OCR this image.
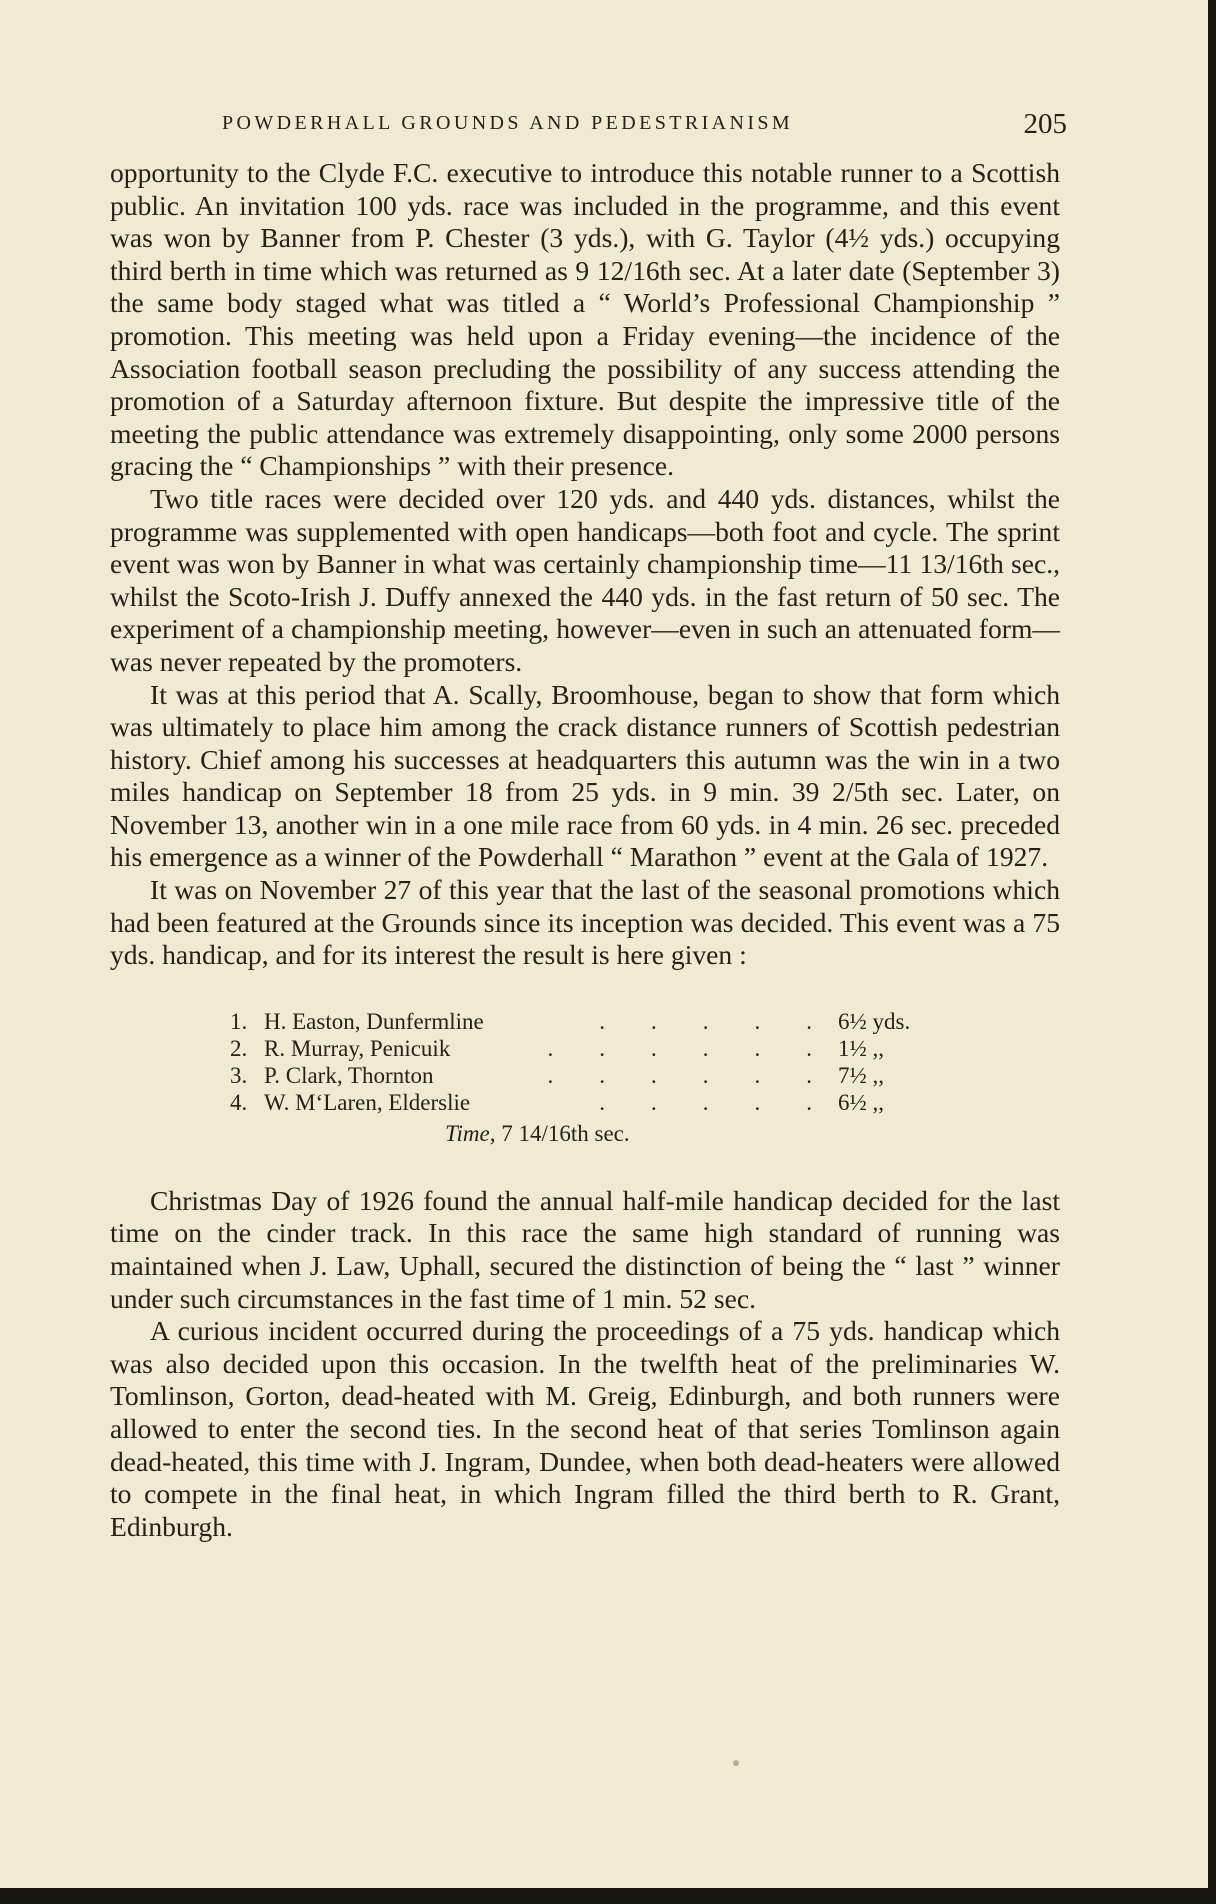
POWDERHALL GROUNDS AND PEDESTRIANISM	205

opportunity to the Clyde F.C. executive to introduce this notable runner to a Scottish public. An invitation 100 yds. race was included in the programme, and this event was won by Banner from P. Chester (3 yds.), with G. Taylor (4½ yds.) occupying third berth in time which was returned as 9 12/16th sec. At a later date (September 3) the same body staged what was titled a “ World’s Professional Championship ” promotion. This meeting was held upon a Friday evening—the incidence of the Association football season precluding the possibility of any success attending the promotion of a Saturday afternoon fixture. But despite the impressive title of the meeting the public attendance was extremely disappointing, only some 2000 persons gracing the “ Championships ” with their presence.

Two title races were decided over 120 yds. and 440 yds. distances, whilst the programme was supplemented with open handicaps—both foot and cycle. The sprint event was won by Banner in what was certainly championship time—11 13/16th sec., whilst the Scoto-Irish J. Duffy annexed the 440 yds. in the fast return of 50 sec. The experiment of a championship meeting, however—even in such an attenuated form—was never repeated by the promoters.

It was at this period that A. Scally, Broomhouse, began to show that form which was ultimately to place him among the crack distance runners of Scottish pedestrian history. Chief among his successes at headquarters this autumn was the win in a two miles handicap on September 18 from 25 yds. in 9 min. 39 2/5th sec. Later, on November 13, another win in a one mile race from 60 yds. in 4 min. 26 sec. preceded his emergence as a winner of the Powderhall “ Marathon ” event at the Gala of 1927.

It was on November 27 of this year that the last of the seasonal promotions which had been featured at the Grounds since its inception was decided. This event was a 75 yds. handicap, and for its interest the result is here given :

1. H. Easton, Dunfermline	.  .  .  .  .	6½ yds.
2. R. Murray, Penicuik	.  .  .  .  .  .	1½ ,,
3. P. Clark, Thornton	.  .  .  .  .  .	7½ ,,
4. W. M‘Laren, Elderslie	.  .  .  .  .	6½ ,,
Time, 7 14/16th sec.

Christmas Day of 1926 found the annual half-mile handicap decided for the last time on the cinder track. In this race the same high standard of running was maintained when J. Law, Uphall, secured the distinction of being the “ last ” winner under such circumstances in the fast time of 1 min. 52 sec.

A curious incident occurred during the proceedings of a 75 yds. handicap which was also decided upon this occasion. In the twelfth heat of the preliminaries W. Tomlinson, Gorton, dead-heated with M. Greig, Edinburgh, and both runners were allowed to enter the second ties. In the second heat of that series Tomlinson again dead-heated, this time with J. Ingram, Dundee, when both dead-heaters were allowed to compete in the final heat, in which Ingram filled the third berth to R. Grant, Edinburgh.
